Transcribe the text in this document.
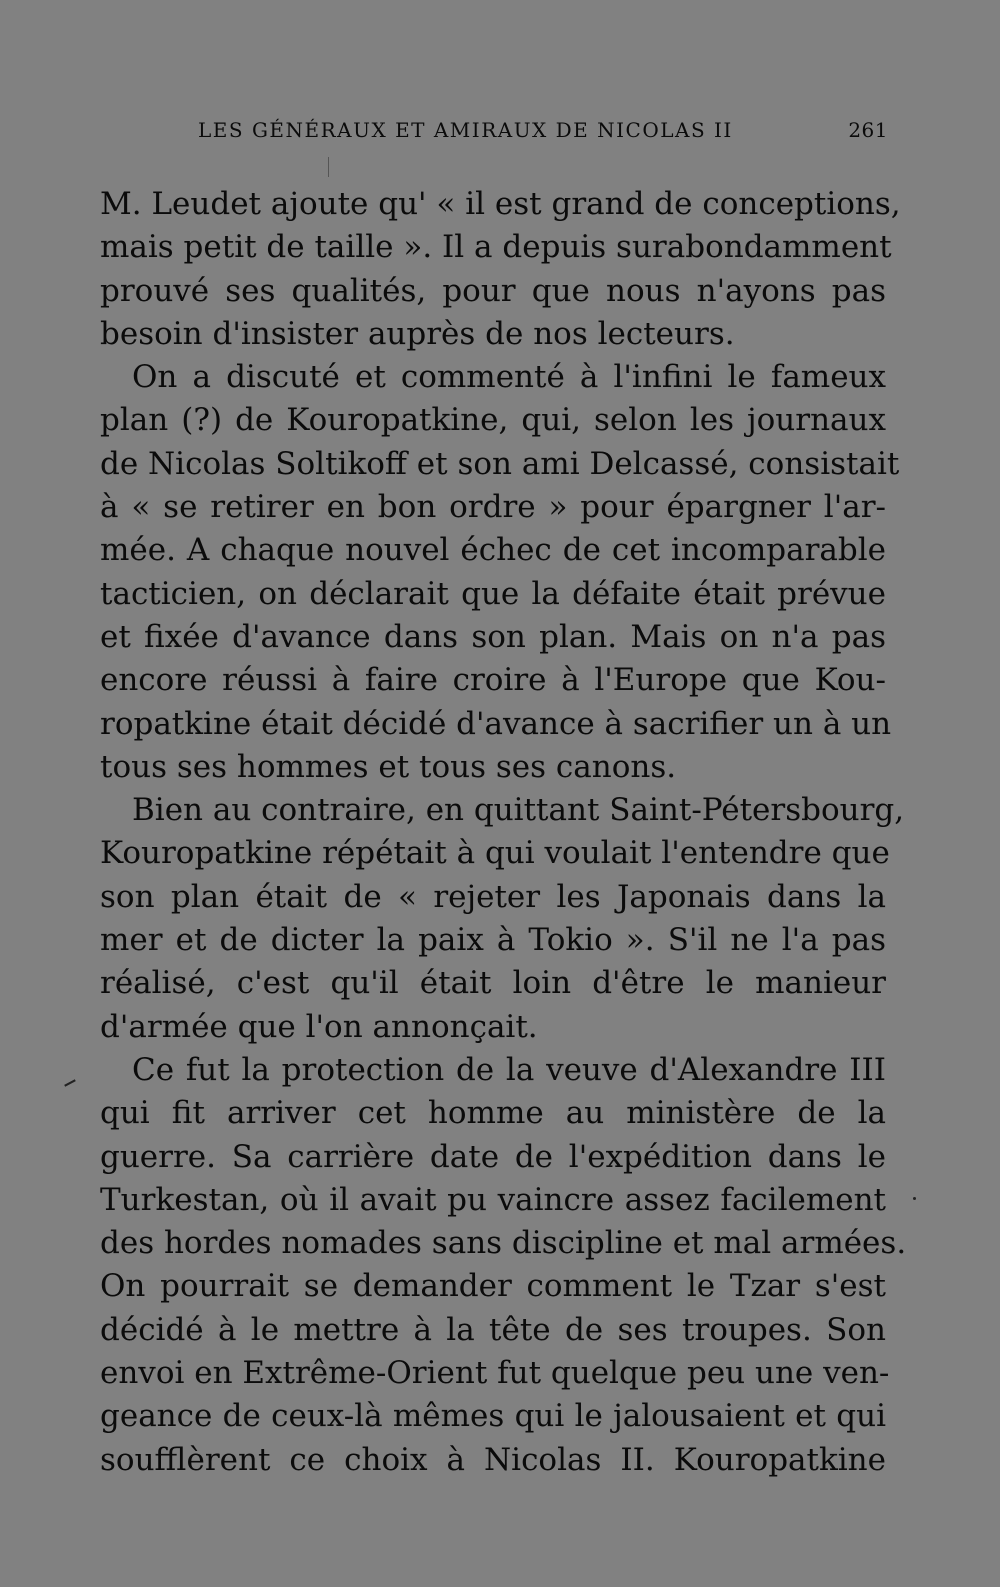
LES GÉNÉRAUX ET AMIRAUX DE NICOLAS II	261
M. Leudet ajoute qu' « il est grand de conceptions,
mais petit de taille ». Il a depuis surabondamment
prouvé ses qualités, pour que nous n'ayons pas
besoin d'insister auprès de nos lecteurs.
On a discuté et commenté à l'infini le fameux
plan (?) de Kouropatkine, qui, selon les journaux
de Nicolas Soltikoff et son ami Delcassé, consistait
à « se retirer en bon ordre » pour épargner l'ar-
mée. A chaque nouvel échec de cet incomparable
tacticien, on déclarait que la défaite était prévue
et fixée d'avance dans son plan. Mais on n'a pas
encore réussi à faire croire à l'Europe que Kou-
ropatkine était décidé d'avance à sacrifier un à un
tous ses hommes et tous ses canons.
Bien au contraire, en quittant Saint-Pétersbourg,
Kouropatkine répétait à qui voulait l'entendre que
son plan était de « rejeter les Japonais dans la
mer et de dicter la paix à Tokio ». S'il ne l'a pas
réalisé, c'est qu'il était loin d'être le manieur
d'armée que l'on annonçait.
Ce fut la protection de la veuve d'Alexandre III
qui fit arriver cet homme au ministère de la
guerre. Sa carrière date de l'expédition dans le
Turkestan, où il avait pu vaincre assez facilement
des hordes nomades sans discipline et mal armées.
On pourrait se demander comment le Tzar s'est
décidé à le mettre à la tête de ses troupes. Son
envoi en Extrême-Orient fut quelque peu une ven-
geance de ceux-là mêmes qui le jalousaient et qui
soufflèrent ce choix à Nicolas II. Kouropatkine
